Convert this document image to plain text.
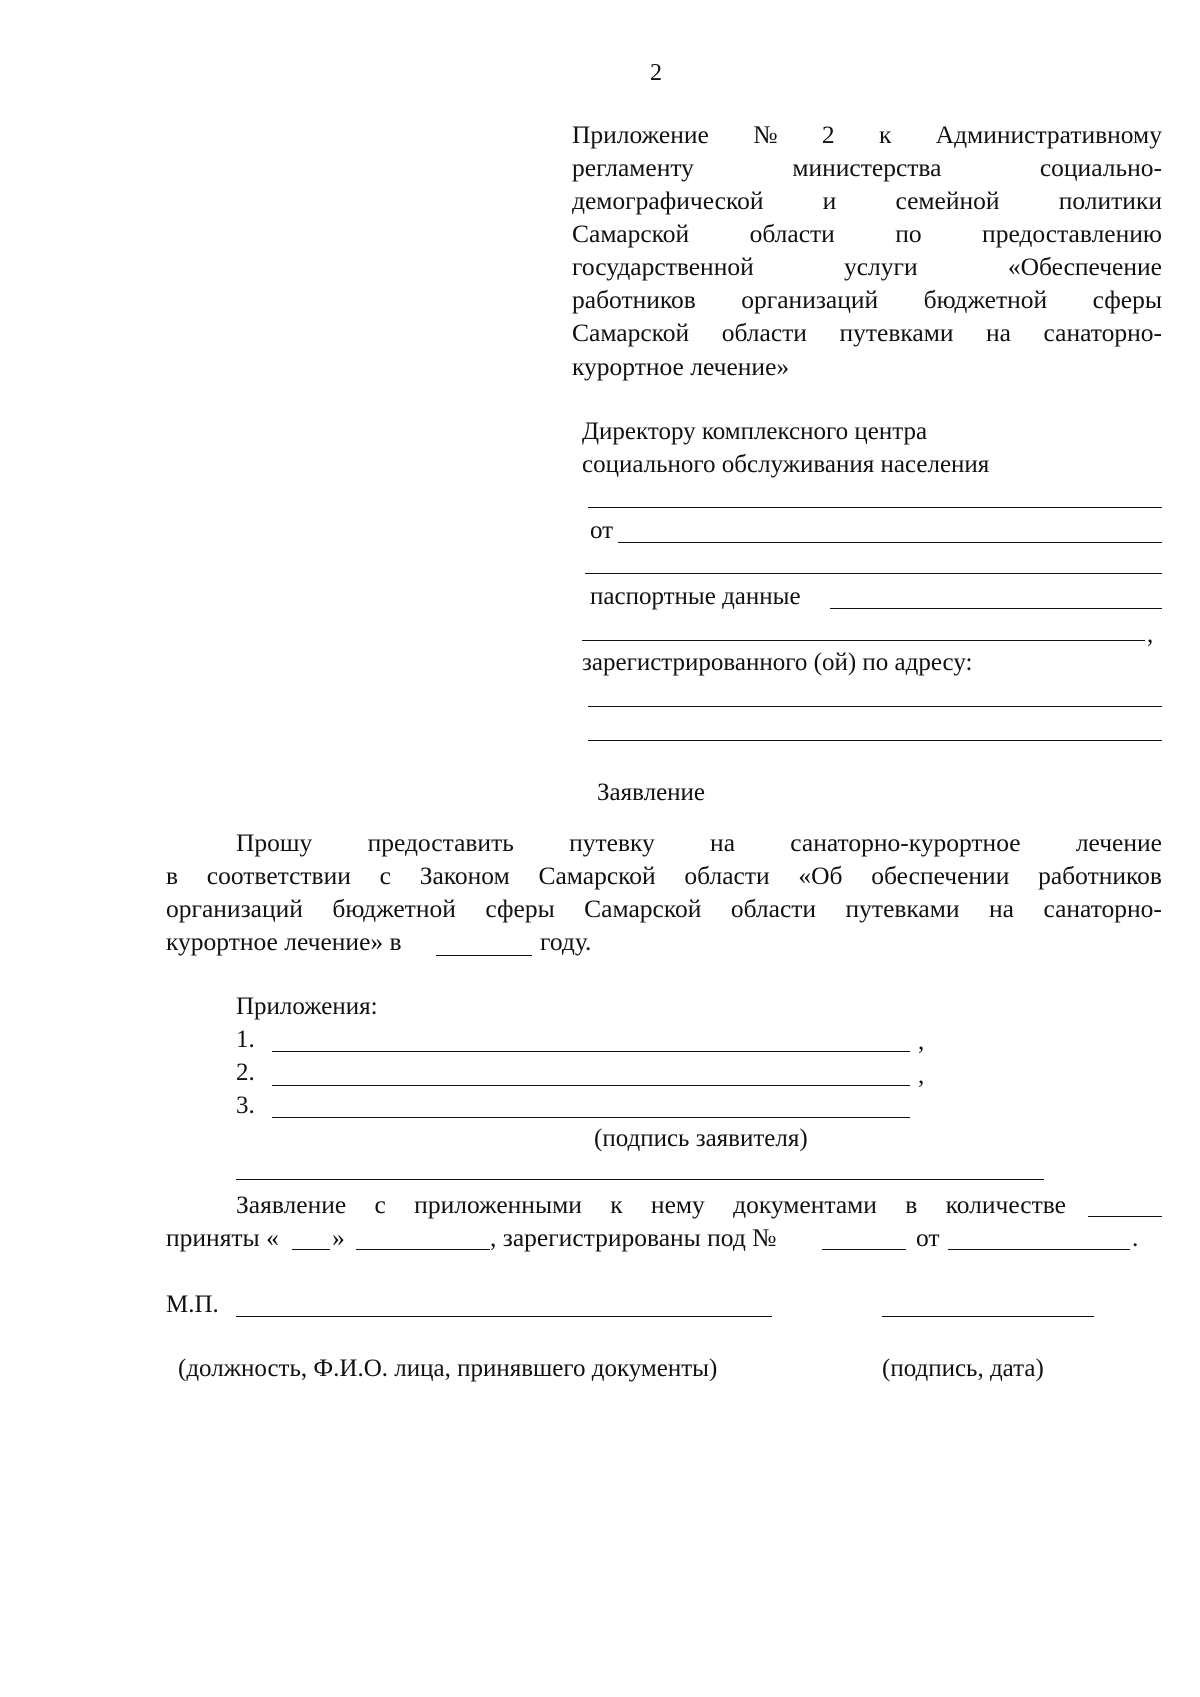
2
Приложение № 2 к Административному
регламенту	министерства	социально-
демографической и семейной политики
Самарской области по предоставлению
государственной	услуги	«Обеспечение
работников организаций бюджетной сферы
Самарской области путевками на санаторно-
курортное лечение»
Директору комплексного центра
социального обслуживания населения
от
паспортные данные
,
зарегистрированного (ой) по адресу:
Заявление
Прошу предоставить путевку на санаторно-курортное лечение
в соответствии с Законом Самарской области «Об обеспечении работников
организаций бюджетной сферы Самарской области путевками на санаторно-
курортное лечение» в	году.
Приложения:
1.	,
2.	,
3.
(подпись заявителя)
Заявление с приложенными к нему документами в количестве
приняты « »	, зарегистрированы под №	от	.
М.П.
(должность, Ф.И.О. лица, принявшего документы)	(подпись, дата)
